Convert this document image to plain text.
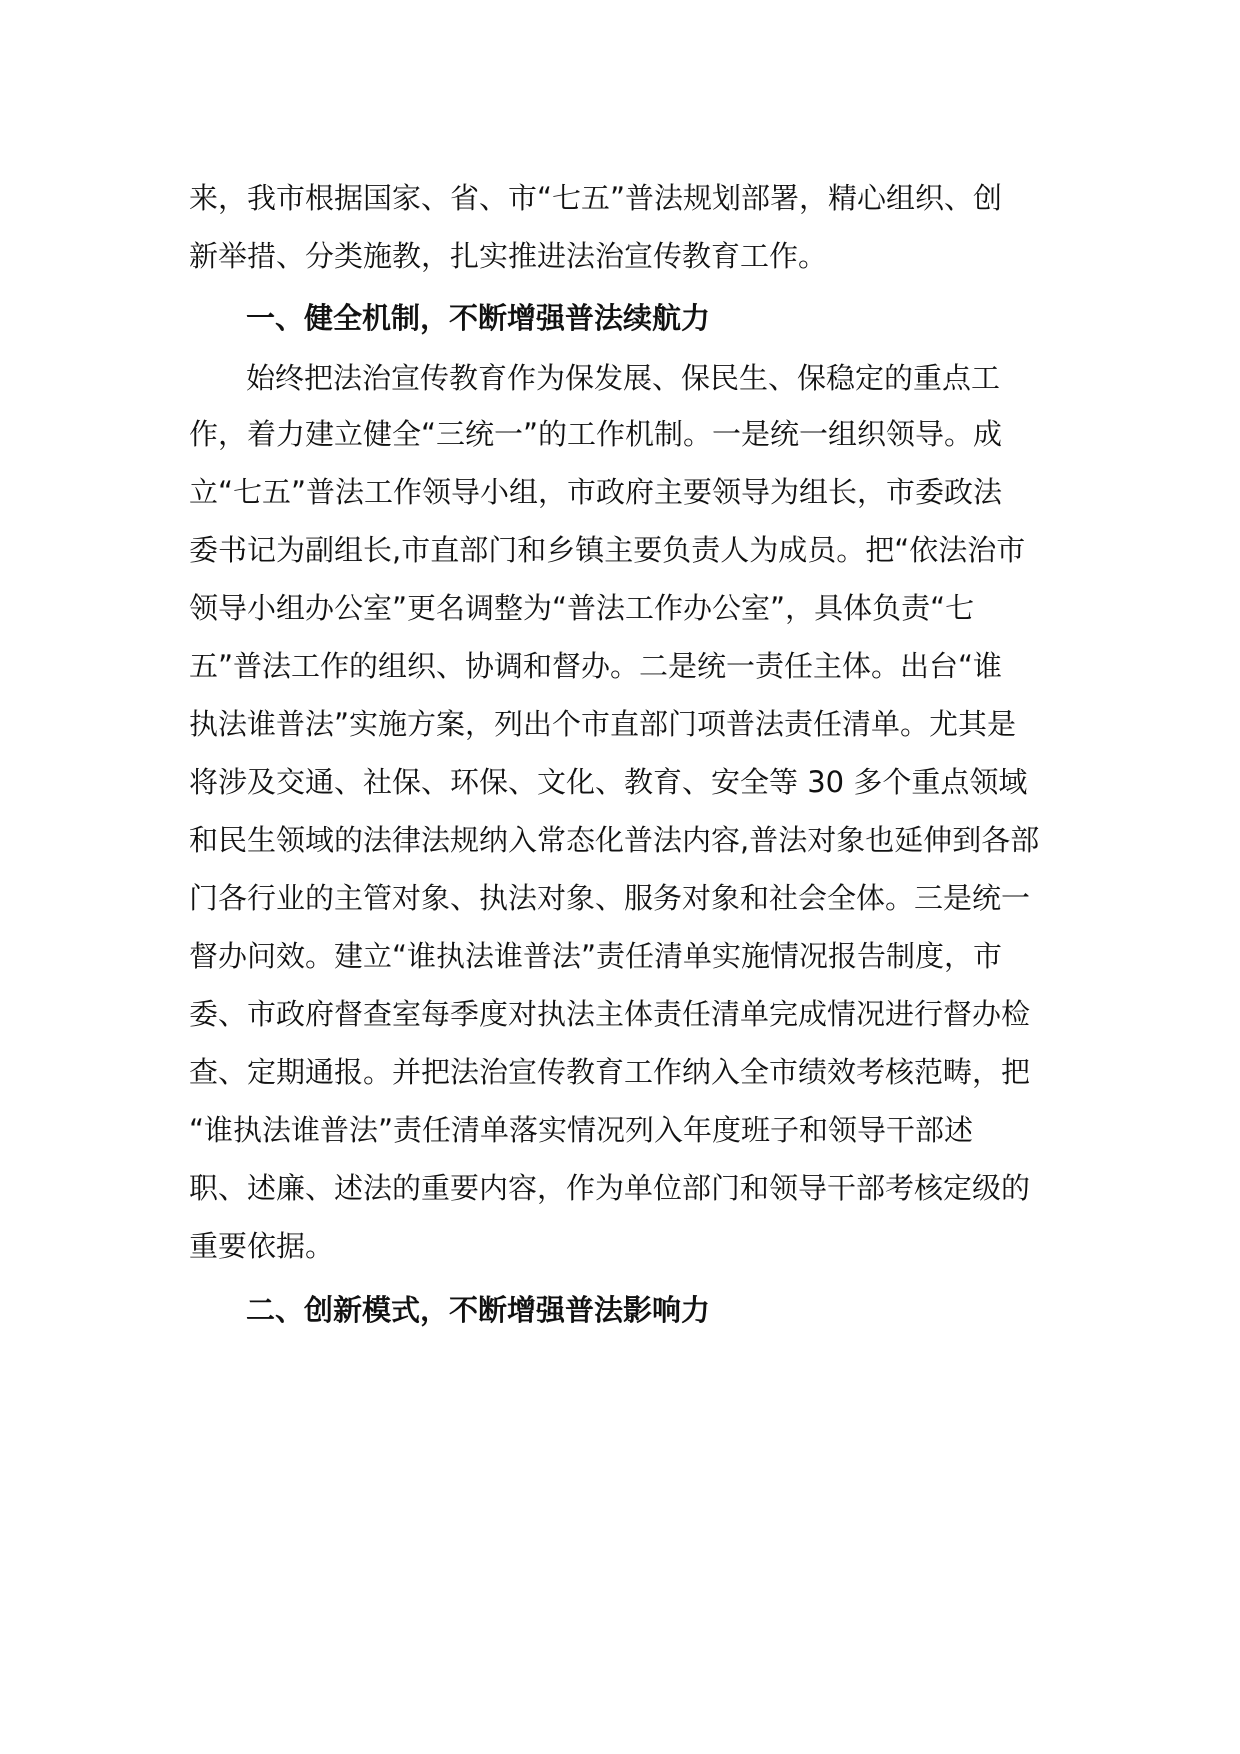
来，我市根据国家、省、市“七五”普法规划部署，精心组织、创

新举措、分类施教，扎实推进法治宣传教育工作。

一、健全机制，不断增强普法续航力

始终把法治宣传教育作为保发展、保民生、保稳定的重点工

作，着力建立健全“三统一”的工作机制。一是统一组织领导。成

立“七五”普法工作领导小组，市政府主要领导为组长，市委政法

委书记为副组长,市直部门和乡镇主要负责人为成员。把“依法治市

领导小组办公室”更名调整为“普法工作办公室”，具体负责“七

五”普法工作的组织、协调和督办。二是统一责任主体。出台“谁

执法谁普法”实施方案，列出个市直部门项普法责任清单。尤其是

将涉及交通、社保、环保、文化、教育、安全等 30 多个重点领域

和民生领域的法律法规纳入常态化普法内容,普法对象也延伸到各部

门各行业的主管对象、执法对象、服务对象和社会全体。三是统一

督办问效。建立“谁执法谁普法”责任清单实施情况报告制度，市

委、市政府督查室每季度对执法主体责任清单完成情况进行督办检

查、定期通报。并把法治宣传教育工作纳入全市绩效考核范畴，把

“谁执法谁普法”责任清单落实情况列入年度班子和领导干部述

职、述廉、述法的重要内容，作为单位部门和领导干部考核定级的

重要依据。

二、创新模式，不断增强普法影响力
